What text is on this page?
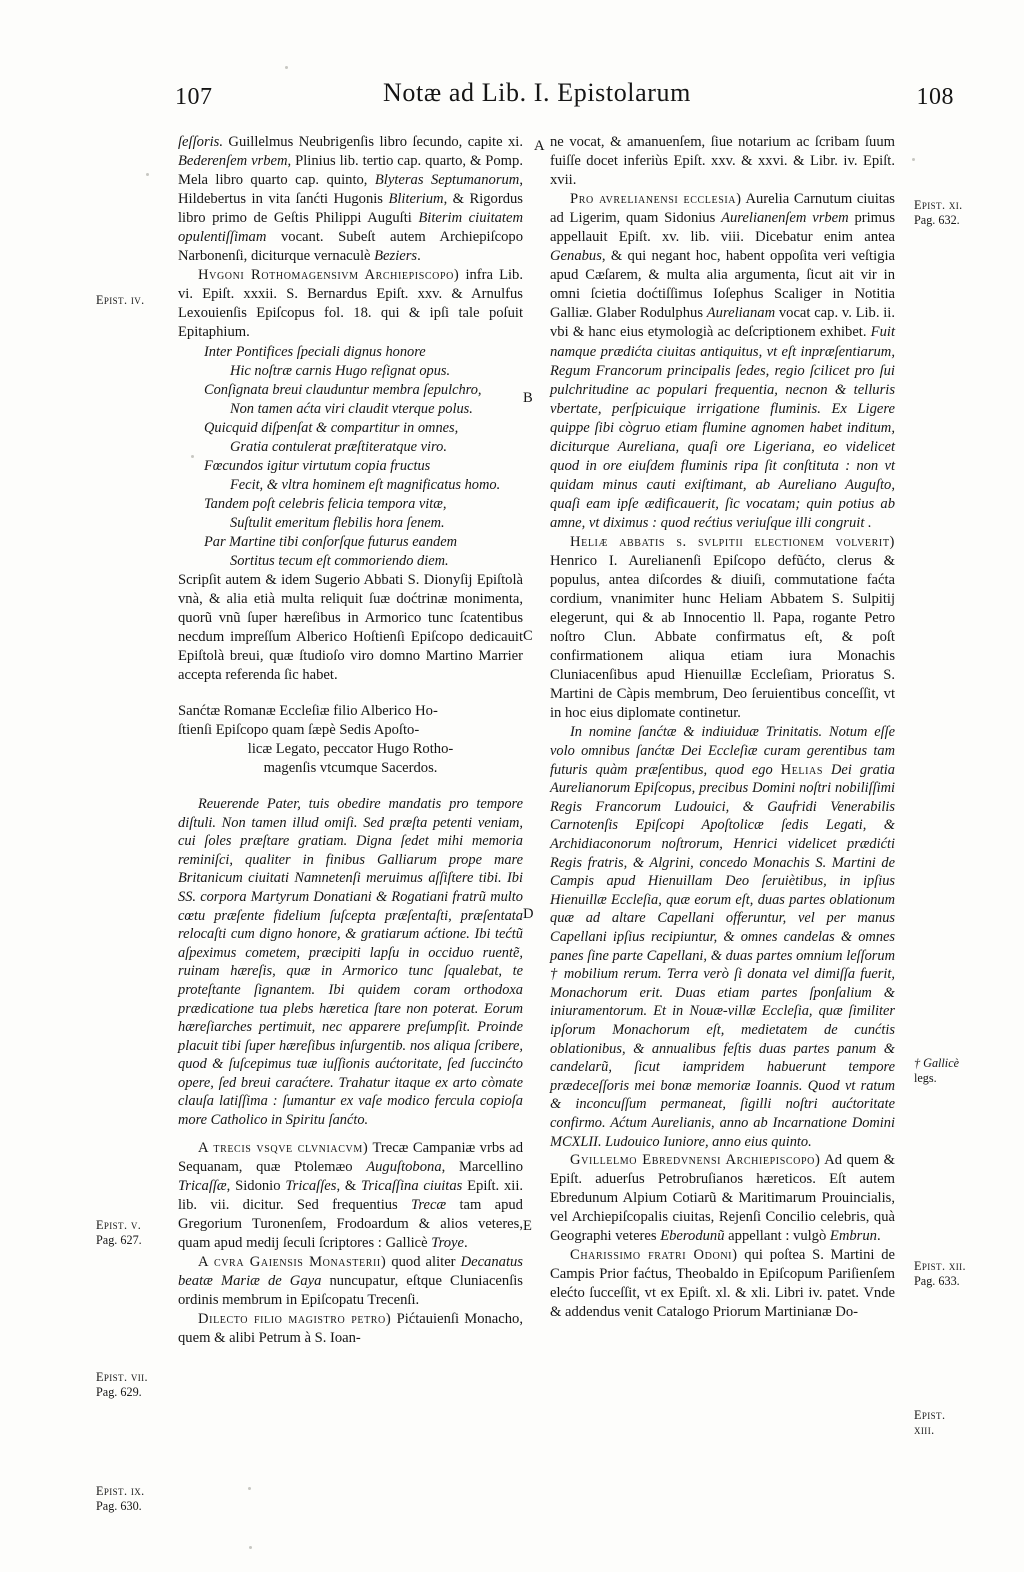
107	Notæ ad Lib. I. Epistolarum	108
Epist. iv.
Epist. v.
Pag. 627.
Epist. vii.
Pag. 629.
Epist. ix.
Pag. 630.
Epist. xi.
Pag. 632.
† Gallicè
legs.
Epist. xii.
Pag. 633.
Epist.
xiii.
A
B
C
D
E

ſeſſoris. Guillelmus Neubrigenſis libro ſecundo, capite xi. Bederenſem vrbem, Plinius lib. tertio cap. quarto, & Pomp. Mela libro quarto cap. quinto, Blyteras Septumanorum, Hildebertus in vita ſanćti Hugonis Bliterium, & Rigordus libro primo de Geſtis Philippi Auguſti Biterim ciuitatem opulentiſſimam vocant. Subeſt autem Archiepiſcopo Narbonenſi, diciturque vernaculè Beziers.

Hvgoni Rothomagensivm Archiepiscopo) infra Lib. vi. Epiſt. xxxii. S. Bernardus Epiſt. xxv. & Arnulfus Lexouienſis Epiſcopus fol. 18. qui & ipſi tale poſuit Epitaphium.

Inter Pontifices ſpeciali dignus honore
Hic noſtræ carnis Hugo reſignat opus.
Conſignata breui clauduntur membra ſepulchro,
Non tamen aćta viri claudit vterque polus.
Quicquid diſpenſat & compartitur in omnes,
Gratia contulerat præſtiteratque viro.
Fœcundos igitur virtutum copia fructus
Fecit, & vltra hominem eſt magnificatus homo.
Tandem poſt celebris felicia tempora vitæ,
Suſtulit emeritum flebilis hora ſenem.
Par Martine tibi conſorſque futurus eandem
Sortitus tecum eſt commoriendo diem.

Scripſit autem & idem Sugerio Abbati S. Dionyſij Epiſtolà vnà, & alia etià multa reliquit ſuæ doćtrinæ monimenta, quorũ vnũ ſuper hæreſibus in Armorico tunc ſcatentibus necdum impreſſum Alberico Hoſtienſi Epiſcopo dedicauit Epiſtolà breui, quæ ſtudioſo viro domno Martino Marrier accepta referenda ſic habet.

Sanćtæ Romanæ Eccleſiæ filio Alberico Ho-
ſtienſi Epiſcopo quam ſæpè Sedis Apoſto-
licæ Legato, peccator Hugo Rotho-
magenſis vtcumque Sacerdos.

Reuerende Pater, tuis obedire mandatis pro tempore diſtuli. Non tamen illud omiſi. Sed præſta petenti veniam, cui ſoles præſtare gratiam. Digna ſedet mihi memoria reminiſci, qualiter in finibus Galliarum prope mare Britanicum ciuitati Namnetenſi meruimus aſſiſtere tibi. Ibi SS. corpora Martyrum Donatiani & Rogatiani fratrũ multo cœtu præſente fidelium ſuſcepta præſentaſti, præſentata relocaſti cum digno honore, & gratiarum aćtione. Ibi tećtũ aſpeximus cometem, præcipiti lapſu in occiduo ruentẽ, ruinam hæreſis, quæ in Armorico tunc ſqualebat, te proteſtante ſignantem. Ibi quidem coram orthodoxa prædicatione tua plebs hæretica ſtare non poterat. Eorum hæreſiarches pertimuit, nec apparere preſumpſit. Proinde placuit tibi ſuper hæreſibus inſurgentib. nos aliqua ſcribere, quod & ſuſcepimus tuæ iuſſionis aućtoritate, ſed ſuccinćto opere, ſed breui caraćtere. Trahatur itaque ex arto còmate clauſa latiſſima : ſumantur ex vaſe modico fercula copioſa more Catholico in Spiritu ſanćto.

A trecis vsqve clvniacvm) Trecæ Campaniæ vrbs ad Sequanam, quæ Ptolemæo Auguſtobona, Marcellino Tricaſſæ, Sidonio Tricaſſes, & Tricaſſina ciuitas Epiſt. xii. lib. vii. dicitur. Sed frequentius Trecæ tam apud Gregorium Turonenſem, Frodoardum & alios veteres, quam apud medij ſeculi ſcriptores : Gallicè Troye.

A cvra Gaiensis Monasterii) quod aliter Decanatus beatæ Mariæ de Gaya nuncupatur, eſtque Cluniacenſis ordinis membrum in Epiſcopatu Trecenſi.

Dilecto filio magistro petro) Pićtauienſi Monacho, quem & alibi Petrum à S. Ioan-

ne vocat, & amanuenſem, ſiue notarium ac ſcribam ſuum fuiſſe docet inferiùs Epiſt. xxv. & xxvi. & Libr. iv. Epiſt. xvii.

Pro avrelianensi ecclesia) Aurelia Carnutum ciuitas ad Ligerim, quam Sidonius Aurelianenſem vrbem primus appellauit Epiſt. xv. lib. viii. Dicebatur enim antea Genabus, & qui negant hoc, habent oppoſita veri veſtigia apud Cæſarem, & multa alia argumenta, ſicut ait vir in omni ſcietia doćtiſſimus Ioſephus Scaliger in Notitia Galliæ. Glaber Rodulphus Aurelianam vocat cap. v. Lib. ii. vbi & hanc eius etymologià ac deſcriptionem exhibet. Fuit namque prædićta ciuitas antiquitus, vt eſt inpræſentiarum, Regum Francorum principalis ſedes, regio ſcilicet pro ſui pulchritudine ac populari frequentia, necnon & telluris vbertate, perſpicuique irrigatione fluminis. Ex Ligere quippe ſibi cògruo etiam flumine agnomen habet inditum, diciturque Aureliana, quaſi ore Ligeriana, eo videlicet quod in ore eiuſdem fluminis ripa ſit conſtituta : non vt quidam minus cauti exiſtimant, ab Aureliano Auguſto, quaſi eam ipſe ædificauerit, ſic vocatam; quin potius ab amne, vt diximus : quod rećtius veriuſque illi congruit .

Heliæ abbatis s. svlpitii electionem volverit) Henrico I. Aurelianenſi Epiſcopo defũćto, clerus & populus, antea diſcordes & diuiſi, commutatione faćta cordium, vnanimiter hunc Heliam Abbatem S. Sulpitij elegerunt, qui & ab Innocentio ll. Papa, rogante Petro noſtro Clun. Abbate confirmatus eſt, & poſt confirmationem aliqua etiam iura Monachis Cluniacenſibus apud Hienuillæ Eccleſiam, Prioratus S. Martini de Càpis membrum, Deo ſeruientibus conceſſit, vt in hoc eius diplomate continetur.

In nomine ſanćtæ & indiuiduæ Trinitatis. Notum eſſe volo omnibus ſanćtæ Dei Eccleſiæ curam gerentibus tam futuris quàm præſentibus, quod ego Helias Dei gratia Aurelianorum Epiſcopus, precibus Domini noſtri nobiliſſimi Regis Francorum Ludouici, & Gaufridi Venerabilis Carnotenſis Epiſcopi Apoſtolicæ ſedis Legati, & Archidiaconorum noſtrorum, Henrici videlicet prædićti Regis fratris, & Algrini, concedo Monachis S. Martini de Campis apud Hienuillam Deo ſeruiètibus, in ipſius Hienuillæ Eccleſia, quæ eorum eſt, duas partes oblationum quæ ad altare Capellani offeruntur, vel per manus Capellani ipſius recipiuntur, & omnes candelas & omnes panes ſine parte Capellani, & duas partes omnium leſſorum † mobilium rerum. Terra verò ſi donata vel dimiſſa fuerit, Monachorum erit. Duas etiam partes ſponſalium & iniuramentorum. Et in Nouæ-villæ Eccleſia, quæ ſimiliter ipſorum Monachorum eſt, medietatem de cunćtis oblationibus, & annualibus feſtis duas partes panum & candelarũ, ſicut iampridem habuerunt tempore prædeceſſoris mei bonæ memoriæ Ioannis. Quod vt ratum & inconcuſſum permaneat, ſigilli noſtri aućtoritate confirmo. Aćtum Aurelianis, anno ab Incarnatione Domini MCXLII. Ludouico Iuniore, anno eius quinto.

Gvillelmo Ebredvnensi Archiepiscopo) Ad quem & Epiſt. aduerſus Petrobruſianos hæreticos. Eſt autem Ebredunum Alpium Cotiarũ & Maritimarum Prouincialis, vel Archiepiſcopalis ciuitas, Rejenſi Concilio celebris, quà Geographi veteres Eberodunũ appellant : vulgò Embrun.

Charissimo fratri Odoni) qui poſtea S. Martini de Campis Prior faćtus, Theobaldo in Epiſcopum Pariſienſem elećto ſucceſſit, vt ex Epiſt. xl. & xli. Libri iv. patet. Vnde & addendus venit Catalogo Priorum Martinianæ Do-
